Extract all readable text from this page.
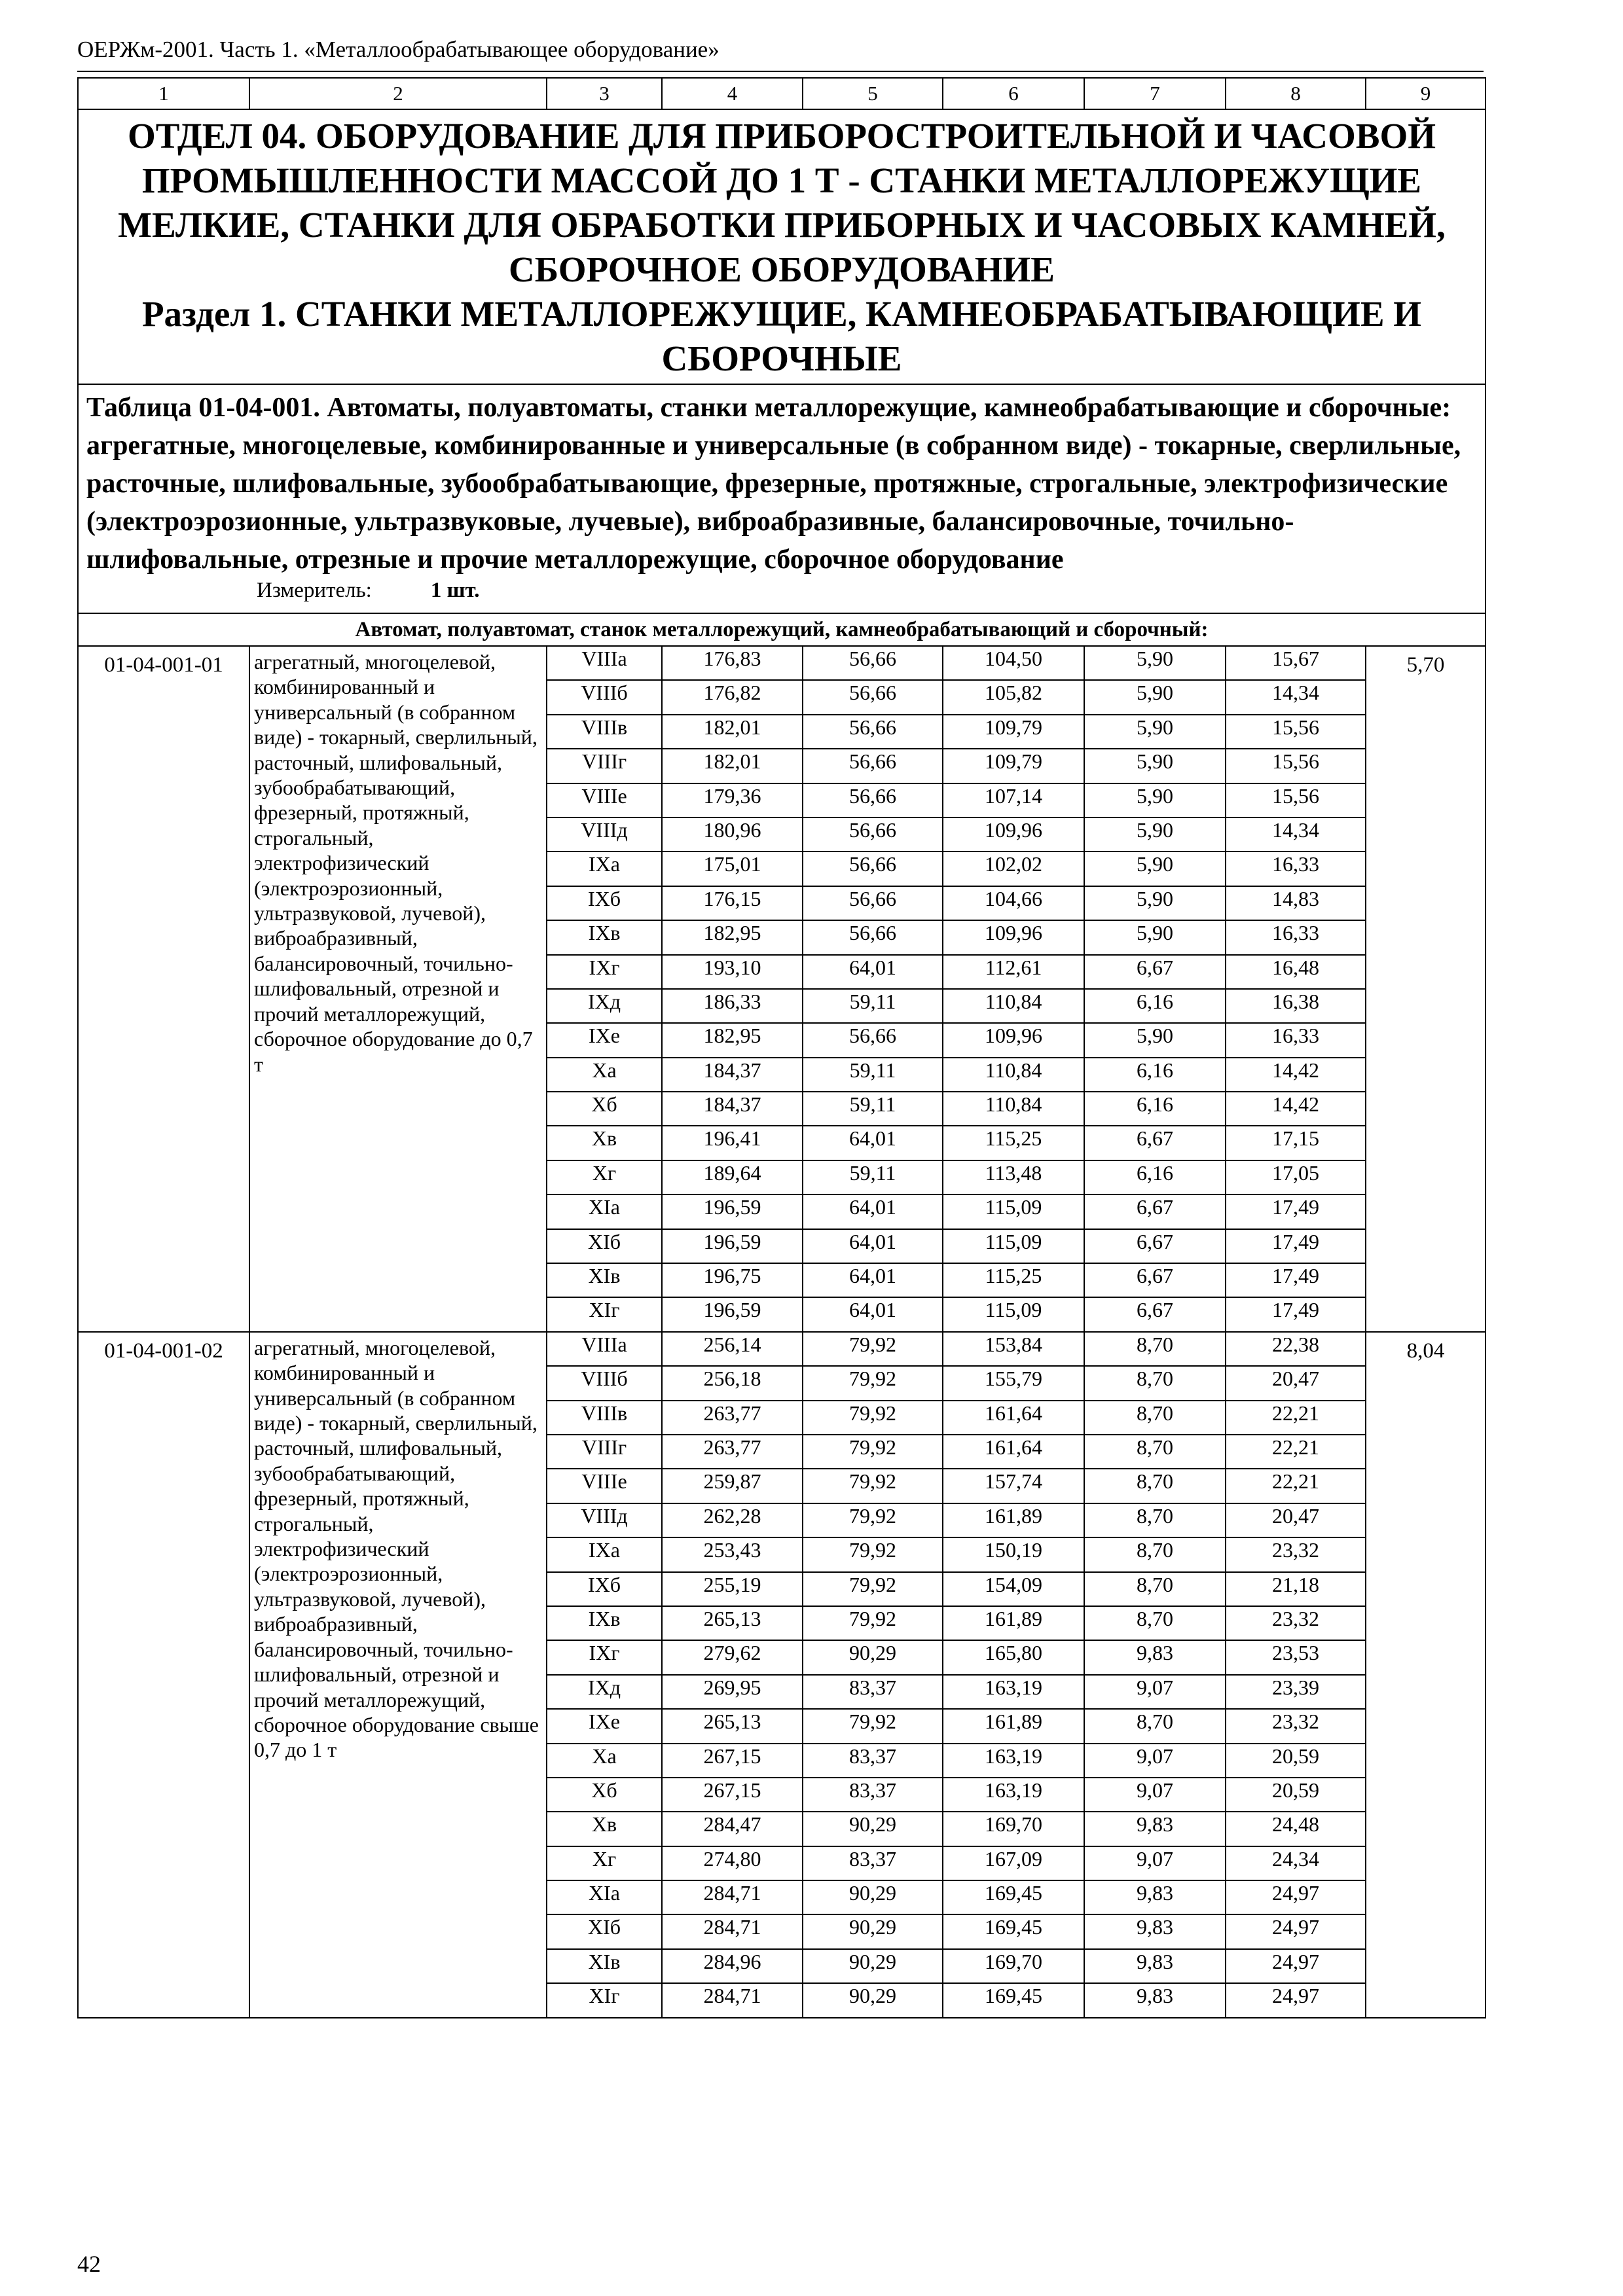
ОЕРЖм-2001. Часть 1. «Металлообрабатывающее оборудование»
1	2	3	4	5	6	7	8	9
ОТДЕЛ 04. ОБОРУДОВАНИЕ ДЛЯ ПРИБОРОСТРОИТЕЛЬНОЙ И ЧАСОВОЙ ПРОМЫШЛЕННОСТИ МАССОЙ ДО 1 Т - СТАНКИ МЕТАЛЛОРЕЖУЩИЕ МЕЛКИЕ, СТАНКИ ДЛЯ ОБРАБОТКИ ПРИБОРНЫХ И ЧАСОВЫХ КАМНЕЙ, СБОРОЧНОЕ ОБОРУДОВАНИЕ
Раздел 1. СТАНКИ МЕТАЛЛОРЕЖУЩИЕ, КАМНЕОБРАБАТЫВАЮЩИЕ И СБОРОЧНЫЕ								

Таблица 01-04-001. Автоматы, полуавтоматы, станки металлорежущие, камнеобрабатывающие и сборочные: агрегатные, многоцелевые, комбинированные и универсальные (в собранном виде) - токарные, сверлильные, расточные, шлифовальные, зубообрабатывающие, фрезерные, протяжные, строгальные, электрофизические (электроэрозионные, ультразвуковые, лучевые), виброабразивные, балансировочные, точильно-шлифовальные, отрезные и прочие металлорежущие, сборочное оборудование								
Измеритель: 1 шт.								
Автомат, полуавтомат, станок металлорежущий, камнеобрабатывающий и сборочный:								
01-04-001-01	агрегатный, многоцелевой, комбинированный и универсальный (в собранном виде) - токарный, сверлильный, расточный, шлифовальный, зубообрабатывающий, фрезерный, протяжный, строгальный, электрофизический (электроэрозионный, ультразвуковой, лучевой), виброабразивный, балансировочный, точильно-шлифовальный, отрезной и прочий металлорежущий, сборочное оборудование до 0,7 т	VIIIа	176,83	56,66	104,50	5,90	15,67	5,70
		VIIIб	176,82	56,66	105,82	5,90	14,34	
		VIIIв	182,01	56,66	109,79	5,90	15,56	
		VIIIг	182,01	56,66	109,79	5,90	15,56	
		VIIIе	179,36	56,66	107,14	5,90	15,56	
		VIIIд	180,96	56,66	109,96	5,90	14,34	
		IXа	175,01	56,66	102,02	5,90	16,33	
		IXб	176,15	56,66	104,66	5,90	14,83	
		IXв	182,95	56,66	109,96	5,90	16,33	
		IXг	193,10	64,01	112,61	6,67	16,48	
		IXд	186,33	59,11	110,84	6,16	16,38	
		IXе	182,95	56,66	109,96	5,90	16,33	
		Xа	184,37	59,11	110,84	6,16	14,42	
		Xб	184,37	59,11	110,84	6,16	14,42	
		Xв	196,41	64,01	115,25	6,67	17,15	
		Xг	189,64	59,11	113,48	6,16	17,05	
		XIа	196,59	64,01	115,09	6,67	17,49	
		XIб	196,59	64,01	115,09	6,67	17,49	
		XIв	196,75	64,01	115,25	6,67	17,49	
		XIг	196,59	64,01	115,09	6,67	17,49	
01-04-001-02	агрегатный, многоцелевой, комбинированный и универсальный (в собранном виде) - токарный, сверлильный, расточный, шлифовальный, зубообрабатывающий, фрезерный, протяжный, строгальный, электрофизический (электроэрозионный, ультразвуковой, лучевой), виброабразивный, балансировочный, точильно-шлифовальный, отрезной и прочий металлорежущий, сборочное оборудование свыше 0,7 до 1 т	VIIIа	256,14	79,92	153,84	8,70	22,38	8,04
		VIIIб	256,18	79,92	155,79	8,70	20,47	
		VIIIв	263,77	79,92	161,64	8,70	22,21	
		VIIIг	263,77	79,92	161,64	8,70	22,21	
		VIIIе	259,87	79,92	157,74	8,70	22,21	
		VIIIд	262,28	79,92	161,89	8,70	20,47	
		IXа	253,43	79,92	150,19	8,70	23,32	
		IXб	255,19	79,92	154,09	8,70	21,18	
		IXв	265,13	79,92	161,89	8,70	23,32	
		IXг	279,62	90,29	165,80	9,83	23,53	
		IXд	269,95	83,37	163,19	9,07	23,39	
		IXе	265,13	79,92	161,89	8,70	23,32	
		Xа	267,15	83,37	163,19	9,07	20,59	
		Xб	267,15	83,37	163,19	9,07	20,59	
		Xв	284,47	90,29	169,70	9,83	24,48	
		Xг	274,80	83,37	167,09	9,07	24,34	
		XIа	284,71	90,29	169,45	9,83	24,97	
		XIб	284,71	90,29	169,45	9,83	24,97	
		XIв	284,96	90,29	169,70	9,83	24,97	
		XIг	284,71	90,29	169,45	9,83	24,97	
42
